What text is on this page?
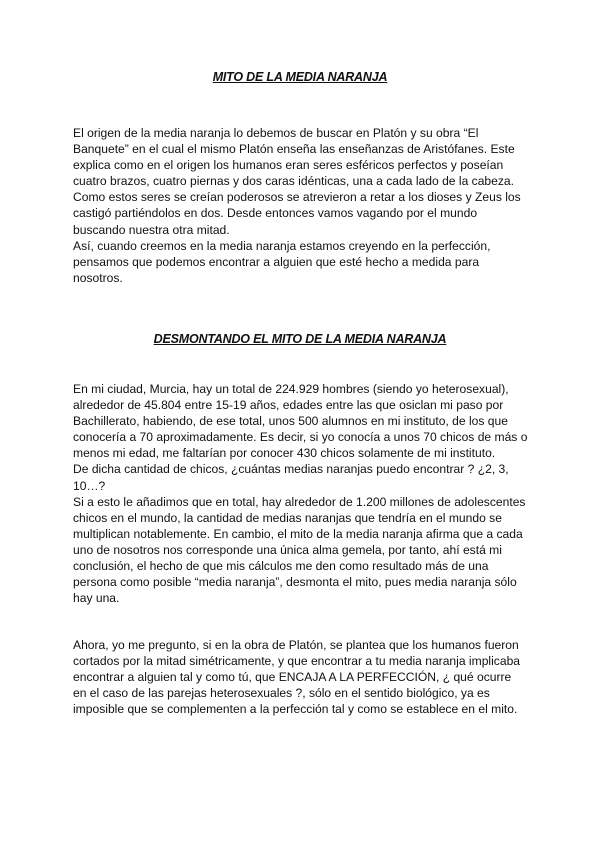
MITO DE LA MEDIA NARANJA

El origen de la media naranja lo debemos de buscar en Platón y su obra “El
Banquete” en el cual el mismo Platón enseña las enseñanzas de Aristófanes. Este
explica como en el origen los humanos eran seres esféricos perfectos y poseían
cuatro brazos, cuatro piernas y dos caras idénticas, una a cada lado de la cabeza.
Como estos seres se creían poderosos se atrevieron a retar a los dioses y Zeus los
castigó partiéndolos en dos. Desde entonces vamos vagando por el mundo
buscando nuestra otra mitad.
Así, cuando creemos en la media naranja estamos creyendo en la perfección,
pensamos que podemos encontrar a alguien que esté hecho a medida para
nosotros.

DESMONTANDO EL MITO DE LA MEDIA NARANJA

En mi ciudad, Murcia, hay un total de 224.929 hombres (siendo yo heterosexual),
alrededor de 45.804 entre 15-19 años, edades entre las que osiclan mi paso por
Bachillerato, habiendo, de ese total, unos 500 alumnos en mi instituto, de los que
conocería a 70 aproximadamente. Es decir, si yo conocía a unos 70 chicos de más o
menos mi edad, me faltarían por conocer 430 chicos solamente de mi instituto.
De dicha cantidad de chicos, ¿cuántas medias naranjas puedo encontrar ? ¿2, 3,
10…?
Si a esto le añadimos que en total, hay alrededor de 1.200 millones de adolescentes
chicos en el mundo, la cantidad de medias naranjas que tendría en el mundo se
multiplican notablemente. En cambio, el mito de la media naranja afirma que a cada
uno de nosotros nos corresponde una única alma gemela, por tanto, ahí está mi
conclusión, el hecho de que mis cálculos me den como resultado más de una
persona como posible “media naranja”, desmonta el mito, pues media naranja sólo
hay una.

Ahora, yo me pregunto, si en la obra de Platón, se plantea que los humanos fueron
cortados por la mitad simétricamente, y que encontrar a tu media naranja implicaba
encontrar a alguien tal y como tú, que ENCAJA A LA PERFECCIÓN, ¿ qué ocurre
en el caso de las parejas heterosexuales ?, sólo en el sentido biológico, ya es
imposible que se complementen a la perfección tal y como se establece en el mito.
